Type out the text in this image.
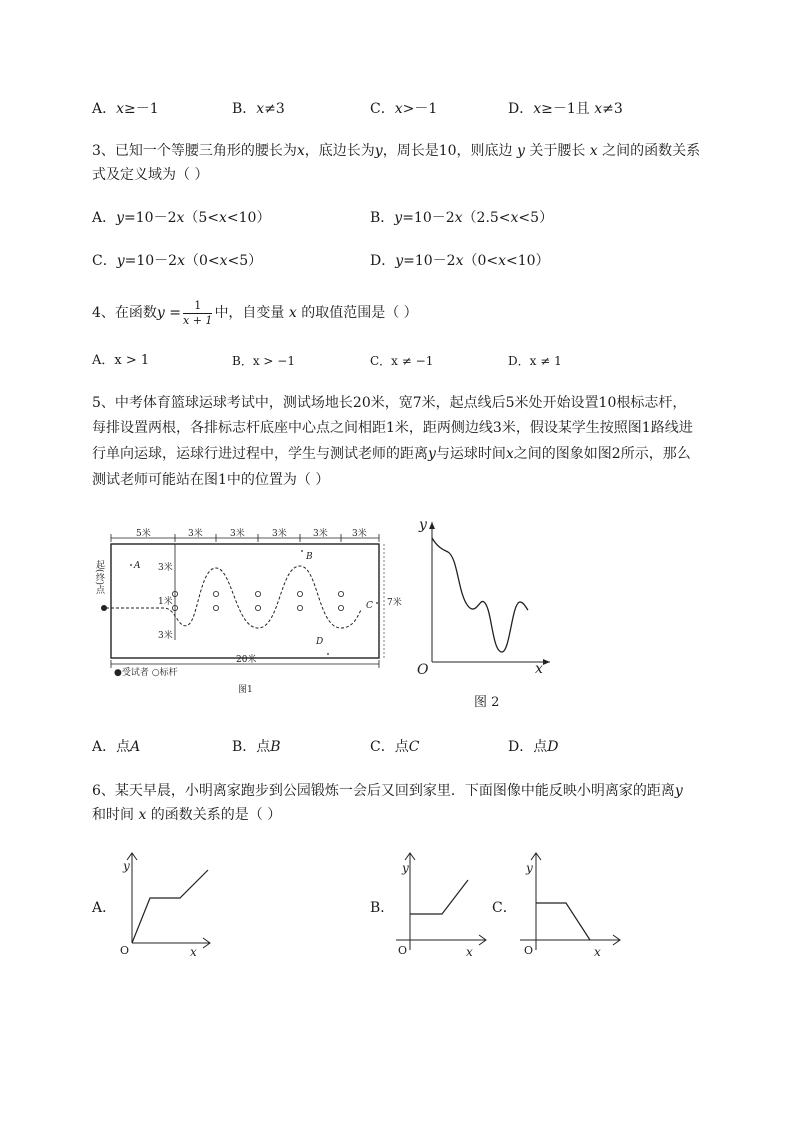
A．𝑥≥－1	B．𝑥≠3	C．𝑥>－1	D．𝑥≥－1且 𝑥≠3
3、已知一个等腰三角形的腰长为𝑥，底边长为𝑦，周长是10，则底边 𝑦 关于腰长 𝑥 之间的函数关系
式及定义域为（ ）
A．𝑦=10－2𝑥（5<𝑥<10）	B．𝑦=10－2𝑥（2.5<𝑥<5）
C．𝑦=10－2𝑥（0<𝑥<5）	D．𝑦=10－2𝑥（0<𝑥<10）
4、在函数 𝑦 = $\frac{1}{x + 1}$ 中，自变量 𝑥 的取值范围是（ ）
A．x > 1	B．x > −1	C．x ≠ −1	D．x ≠ 1
5、中考体育篮球运球考试中，测试场地长20米，宽7米，起点线后5米处开始设置10根标志杆，
每排设置两根，各排标志杆底座中心点之间相距1米，距两侧边线3米，假设某学生按照图1路线进
行单向运球，运球行进过程中，学生与测试老师的距离𝑦与运球时间𝑥之间的图象如图2所示，那么
测试老师可能站在图1中的位置为（ ）
5米	3米	3米	3米	3米	3米
起(终)点	3米
1米
3米
7米
20米
A
B
C
D
●受试者 ○标杆
图1
y
x
O
图 2
A．点𝐴	B．点𝐵	C．点𝐶	D．点𝐷
6、某天早晨，小明离家跑步到公园锻炼一会后又回到家里．下面图像中能反映小明离家的距离𝑦
和时间 𝑥 的函数关系的是（ ）
A．
y
x
O
B．
y
x
O
C．
y
x
O
